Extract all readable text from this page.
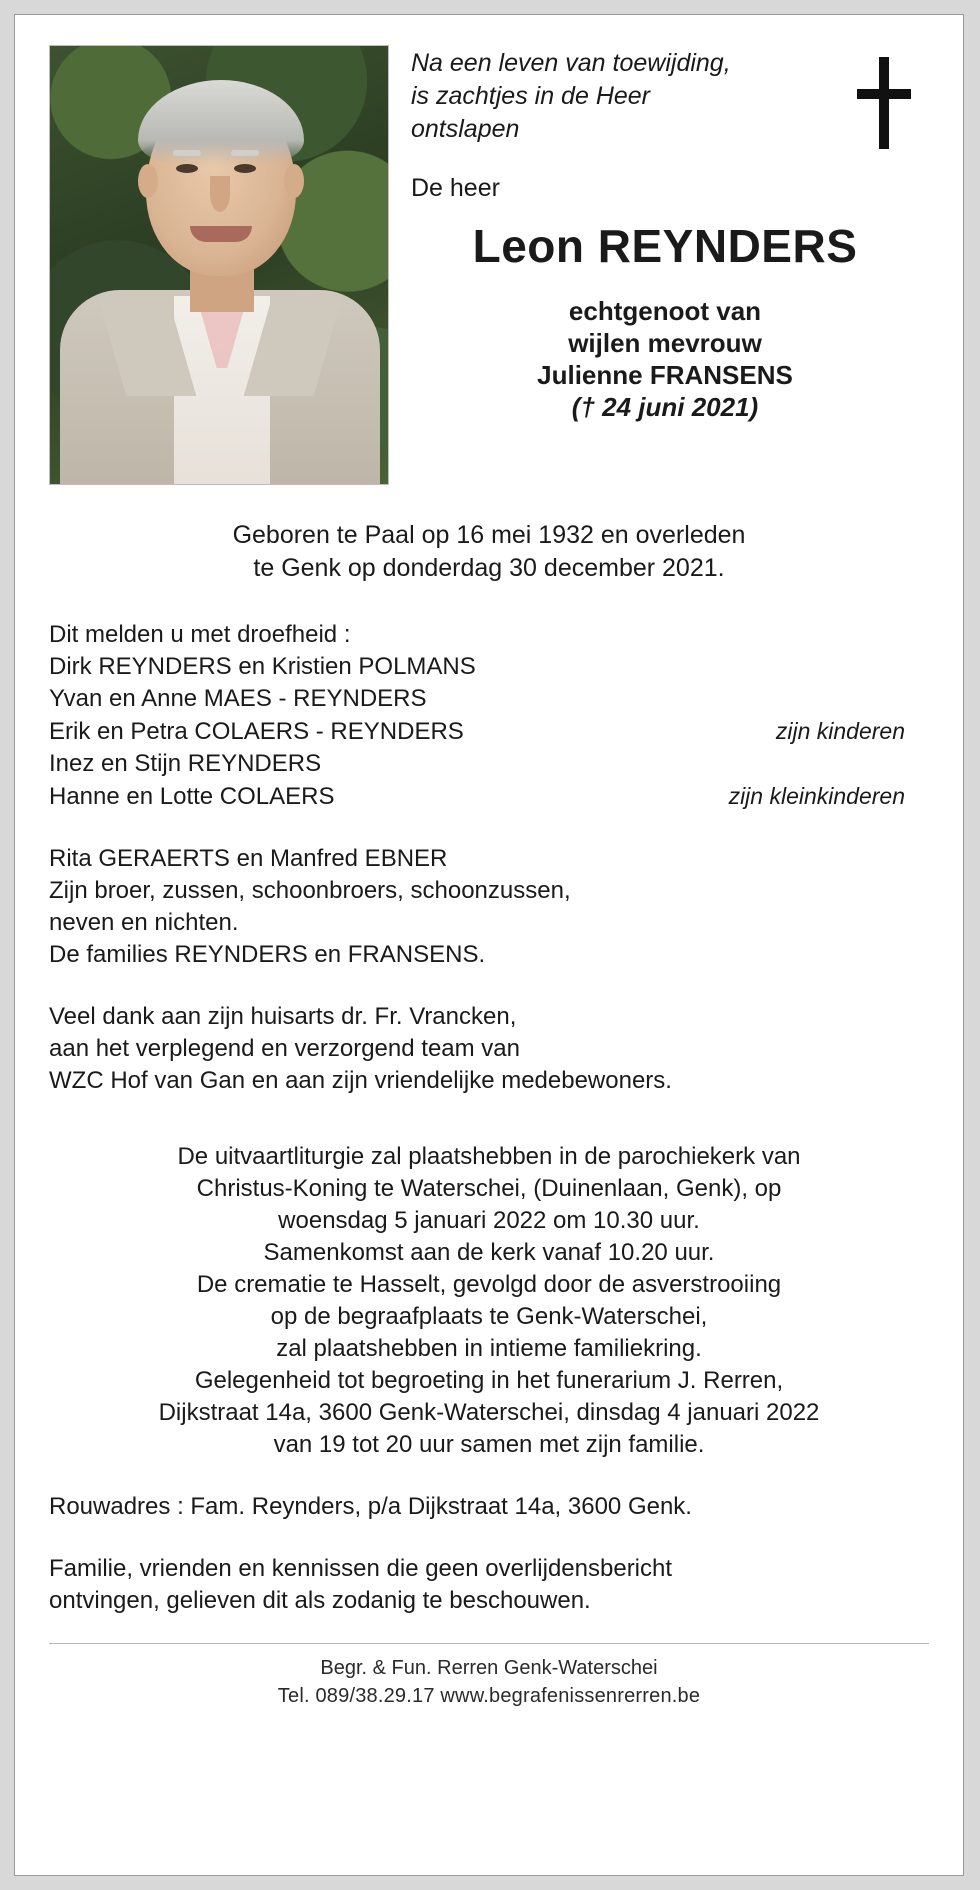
Na een leven van toewijding,
is zachtjes in de Heer
ontslapen
De heer
Leon REYNDERS
echtgenoot van
wijlen mevrouw
Julienne FRANSENS
(† 24 juni 2021)
Geboren te Paal op 16 mei 1932 en overleden
te Genk op donderdag 30 december 2021.
Dit melden u met droefheid :
Dirk REYNDERS en Kristien POLMANS
Yvan en Anne MAES - REYNDERS
Erik en Petra COLAERS - REYNDERS	zijn kinderen
Inez en Stijn REYNDERS
Hanne en Lotte COLAERS	zijn kleinkinderen
Rita GERAERTS en Manfred EBNER
Zijn broer, zussen, schoonbroers, schoonzussen,
neven en nichten.
De families REYNDERS en FRANSENS.
Veel dank aan zijn huisarts dr. Fr. Vrancken,
aan het verplegend en verzorgend team van
WZC Hof van Gan en aan zijn vriendelijke medebewoners.
De uitvaartliturgie zal plaatshebben in de parochiekerk van
Christus-Koning te Waterschei, (Duinenlaan, Genk), op
woensdag 5 januari 2022 om 10.30 uur.
Samenkomst aan de kerk vanaf 10.20 uur.
De crematie te Hasselt, gevolgd door de asverstrooiing
op de begraafplaats te Genk-Waterschei,
zal plaatshebben in intieme familiekring.
Gelegenheid tot begroeting in het funerarium J. Rerren,
Dijkstraat 14a, 3600 Genk-Waterschei, dinsdag 4 januari 2022
van 19 tot 20 uur samen met zijn familie.
Rouwadres : Fam. Reynders, p/a Dijkstraat 14a, 3600 Genk.
Familie, vrienden en kennissen die geen overlijdensbericht
ontvingen, gelieven dit als zodanig te beschouwen.
Begr. & Fun. Rerren Genk-Waterschei
Tel. 089/38.29.17 www.begrafenissenrerren.be
